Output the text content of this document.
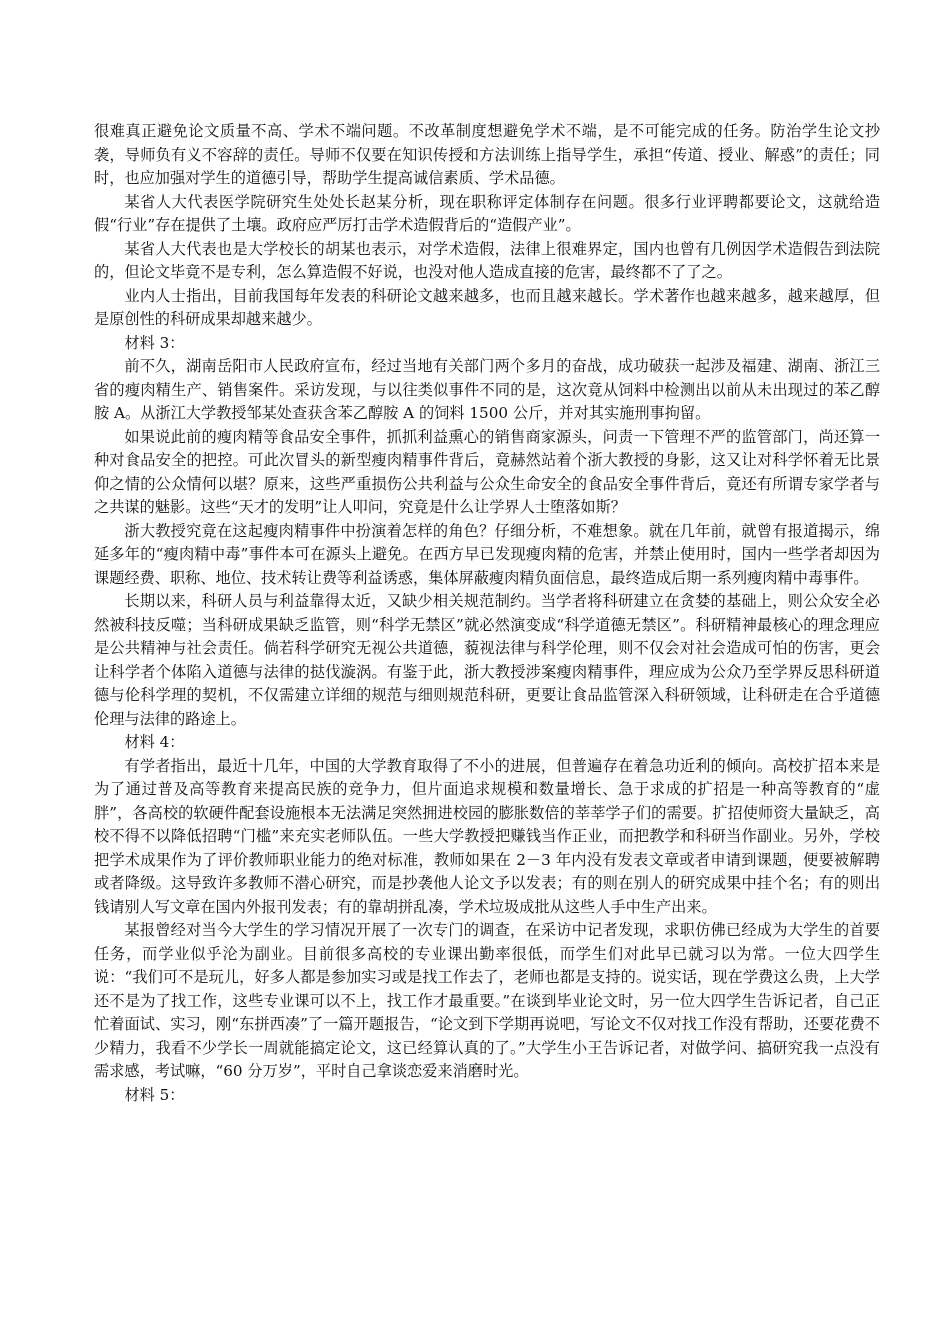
很难真正避免论文质量不高、学术不端问题。不改革制度想避免学术不端，是不可能完成的任务。防治学生论文抄袭，导师负有义不容辞的责任。导师不仅要在知识传授和方法训练上指导学生，承担“传道、授业、解惑”的责任；同时，也应加强对学生的道德引导，帮助学生提高诚信素质、学术品德。

某省人大代表医学院研究生处处长赵某分析，现在职称评定体制存在问题。很多行业评聘都要论文，这就给造假“行业”存在提供了土壤。政府应严厉打击学术造假背后的“造假产业”。

某省人大代表也是大学校长的胡某也表示，对学术造假，法律上很难界定，国内也曾有几例因学术造假告到法院的，但论文毕竟不是专利，怎么算造假不好说，也没对他人造成直接的危害，最终都不了了之。

业内人士指出，目前我国每年发表的科研论文越来越多，也而且越来越长。学术著作也越来越多，越来越厚，但是原创性的科研成果却越来越少。

材料 3：

前不久，湖南岳阳市人民政府宣布，经过当地有关部门两个多月的奋战，成功破获一起涉及福建、湖南、浙江三省的瘦肉精生产、销售案件。采访发现，与以往类似事件不同的是，这次竟从饲料中检测出以前从未出现过的苯乙醇胺 A。从浙江大学教授邹某处查获含苯乙醇胺 A 的饲料 1500 公斤，并对其实施刑事拘留。

如果说此前的瘦肉精等食品安全事件，抓抓利益熏心的销售商家源头，问责一下管理不严的监管部门，尚还算一种对食品安全的把控。可此次冒头的新型瘦肉精事件背后，竟赫然站着个浙大教授的身影，这又让对科学怀着无比景仰之情的公众情何以堪？原来，这些严重损伤公共利益与公众生命安全的食品安全事件背后，竟还有所谓专家学者与之共谋的魅影。这些“天才的发明”让人叩问，究竟是什么让学界人士堕落如斯？

浙大教授究竟在这起瘦肉精事件中扮演着怎样的角色？仔细分析，不难想象。就在几年前，就曾有报道揭示，绵延多年的“瘦肉精中毒”事件本可在源头上避免。在西方早已发现瘦肉精的危害，并禁止使用时，国内一些学者却因为课题经费、职称、地位、技术转让费等利益诱惑，集体屏蔽瘦肉精负面信息，最终造成后期一系列瘦肉精中毒事件。

长期以来，科研人员与利益靠得太近，又缺少相关规范制约。当学者将科研建立在贪婪的基础上，则公众安全必然被科技反噬；当科研成果缺乏监管，则“科学无禁区”就必然演变成“科学道德无禁区”。科研精神最核心的理念理应是公共精神与社会责任。倘若科学研究无视公共道德，藐视法律与科学伦理，则不仅会对社会造成可怕的伤害，更会让科学者个体陷入道德与法律的挞伐漩涡。有鉴于此，浙大教授涉案瘦肉精事件，理应成为公众乃至学界反思科研道德与伦科学理的契机，不仅需建立详细的规范与细则规范科研，更要让食品监管深入科研领域，让科研走在合乎道德伦理与法律的路途上。

材料 4：

有学者指出，最近十几年，中国的大学教育取得了不小的进展，但普遍存在着急功近利的倾向。高校扩招本来是为了通过普及高等教育来提高民族的竞争力，但片面追求规模和数量增长、急于求成的扩招是一种高等教育的“虚胖”，各高校的软硬件配套设施根本无法满足突然拥进校园的膨胀数倍的莘莘学子们的需要。扩招使师资大量缺乏，高校不得不以降低招聘“门槛”来充实老师队伍。一些大学教授把赚钱当作正业，而把教学和科研当作副业。另外，学校把学术成果作为了评价教师职业能力的绝对标准，教师如果在 2－3 年内没有发表文章或者申请到课题，便要被解聘或者降级。这导致许多教师不潜心研究，而是抄袭他人论文予以发表；有的则在别人的研究成果中挂个名；有的则出钱请别人写文章在国内外报刊发表；有的靠胡拼乱凑，学术垃圾成批从这些人手中生产出来。

某报曾经对当今大学生的学习情况开展了一次专门的调查，在采访中记者发现，求职仿佛已经成为大学生的首要任务，而学业似乎沦为副业。目前很多高校的专业课出勤率很低，而学生们对此早已就习以为常。一位大四学生说：“我们可不是玩儿，好多人都是参加实习或是找工作去了，老师也都是支持的。说实话，现在学费这么贵，上大学还不是为了找工作，这些专业课可以不上，找工作才最重要。”在谈到毕业论文时，另一位大四学生告诉记者，自己正忙着面试、实习，刚“东拼西凑”了一篇开题报告，“论文到下学期再说吧，写论文不仅对找工作没有帮助，还要花费不少精力，我看不少学长一周就能搞定论文，这已经算认真的了。”大学生小王告诉记者，对做学问、搞研究我一点没有需求感，考试嘛，“60 分万岁”，平时自己拿谈恋爱来消磨时光。

材料 5：
